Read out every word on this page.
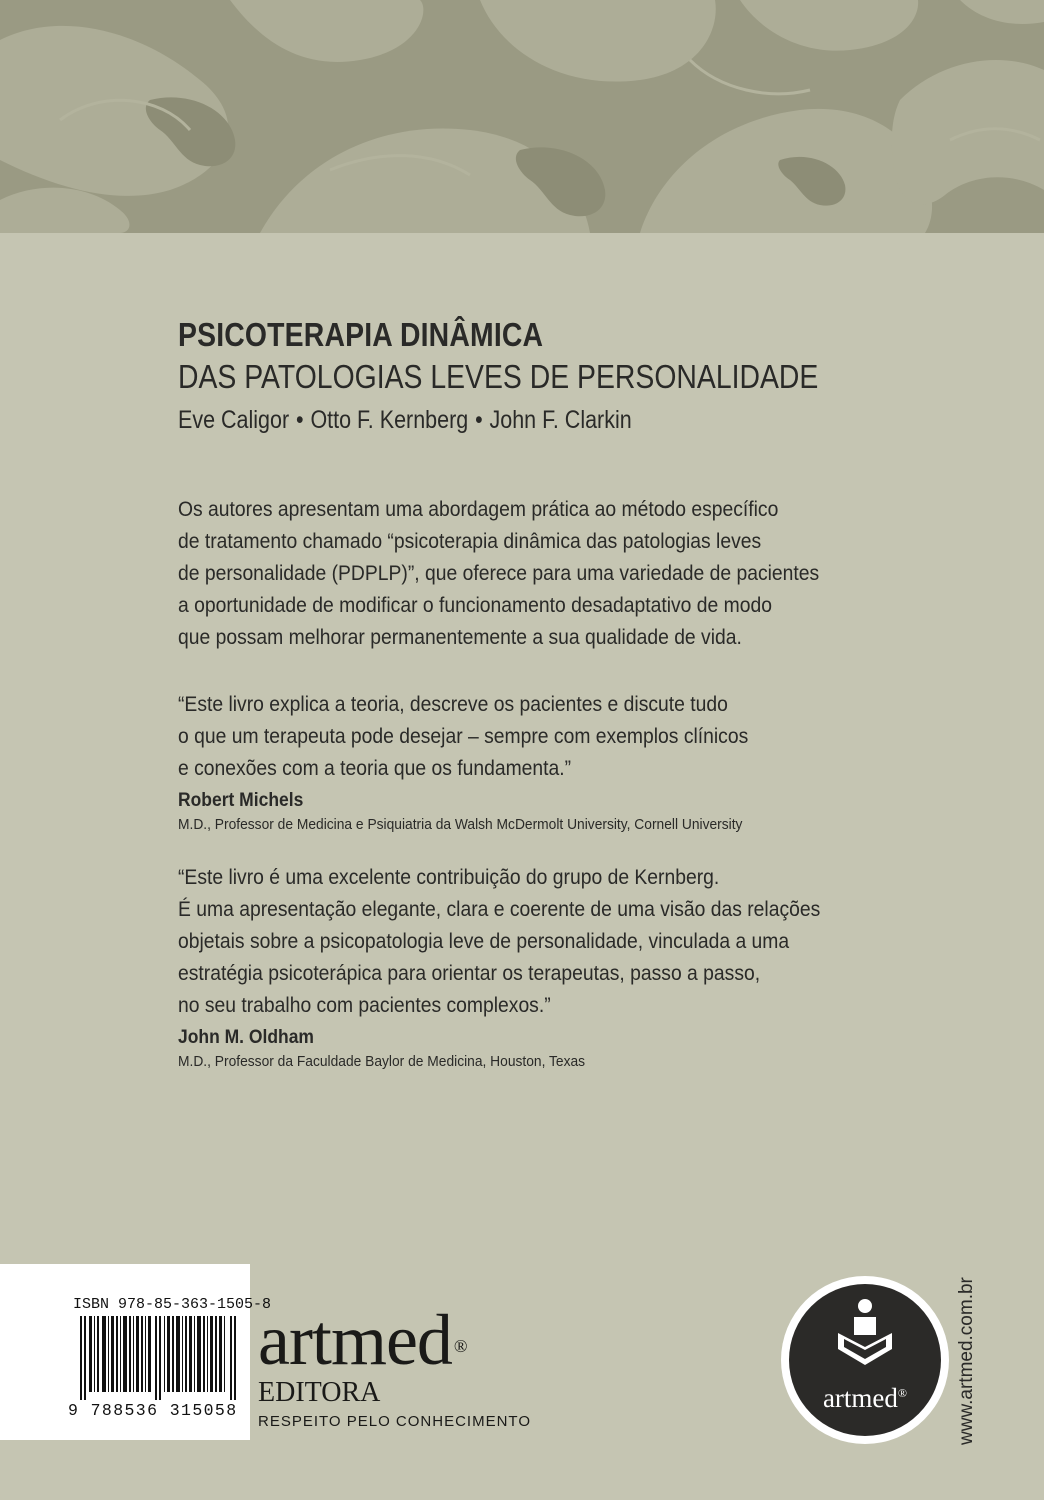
PSICOTERAPIA DINÂMICA
DAS PATOLOGIAS LEVES DE PERSONALIDADE
Eve Caligor • Otto F. Kernberg • John F. Clarkin

Os autores apresentam uma abordagem prática ao método específico
de tratamento chamado “psicoterapia dinâmica das patologias leves
de personalidade (PDPLP)”, que oferece para uma variedade de pacientes
a oportunidade de modificar o funcionamento desadaptativo de modo
que possam melhorar permanentemente a sua qualidade de vida.

“Este livro explica a teoria, descreve os pacientes e discute tudo
o que um terapeuta pode desejar – sempre com exemplos clínicos
e conexões com a teoria que os fundamenta.”
Robert Michels
M.D., Professor de Medicina e Psiquiatria da Walsh McDermolt University, Cornell University
“Este livro é uma excelente contribuição do grupo de Kernberg.
É uma apresentação elegante, clara e coerente de uma visão das relações
objetais sobre a psicopatologia leve de personalidade, vinculada a uma
estratégia psicoterápica para orientar os terapeutas, passo a passo,
no seu trabalho com pacientes complexos.”
John M. Oldham
M.D., Professor da Faculdade Baylor de Medicina, Houston, Texas
ISBN 978-85-363-1505-8
9 788536 315058
artmed ®
EDITORA
RESPEITO PELO CONHECIMENTO
artmed®	www.artmed.com.br
